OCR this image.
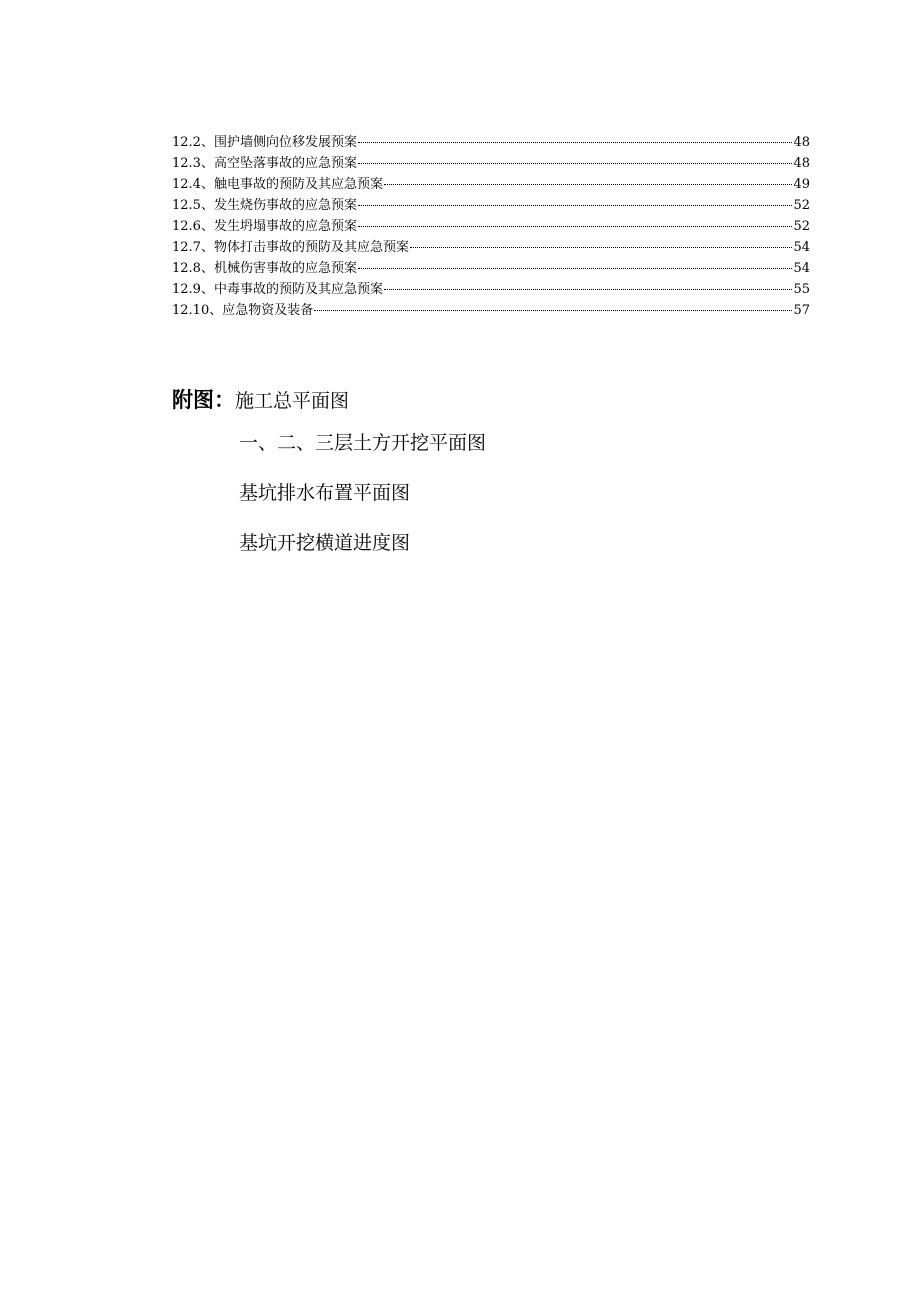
12.2、围护墙侧向位移发展预案	48
12.3、高空坠落事故的应急预案	48
12.4、触电事故的预防及其应急预案	49
12.5、发生烧伤事故的应急预案	52
12.6、发生坍塌事故的应急预案	52
12.7、物体打击事故的预防及其应急预案	54
12.8、机械伤害事故的应急预案	54
12.9、中毒事故的预防及其应急预案	55
12.10、应急物资及装备	57
附图：施工总平面图
一、二、三层土方开挖平面图
基坑排水布置平面图
基坑开挖横道进度图
